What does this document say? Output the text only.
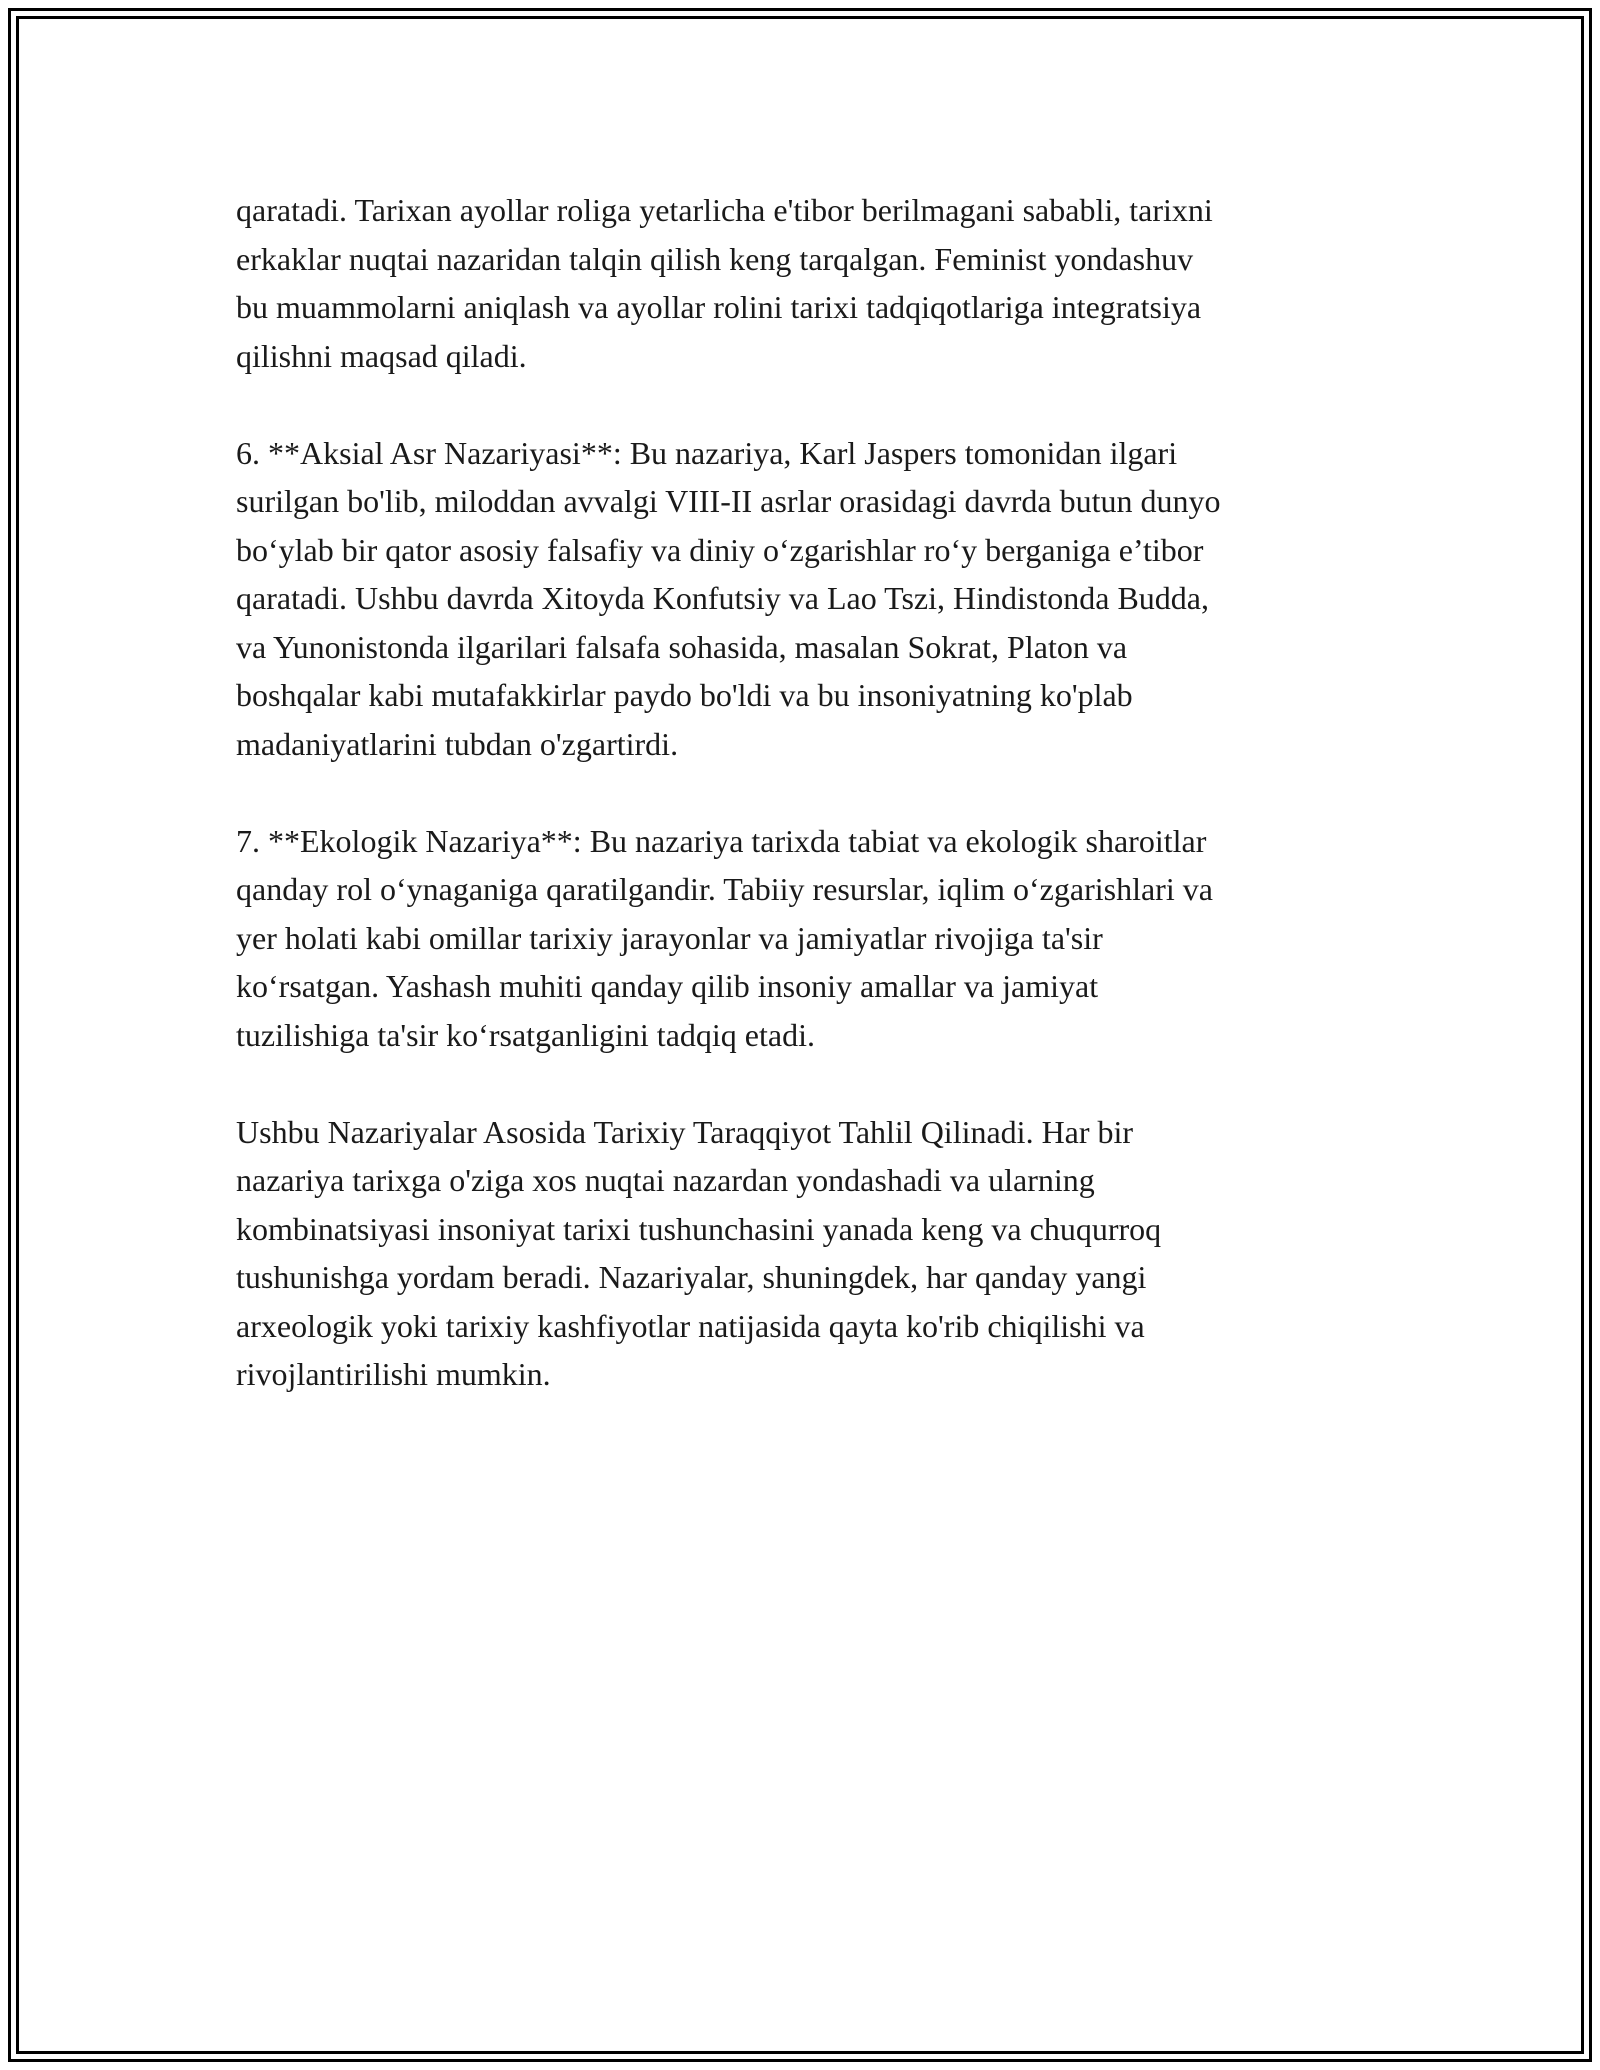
qaratadi. Tarixan ayollar roliga yetarlicha e'tibor berilmagani sababli, tarixni
erkaklar nuqtai nazaridan talqin qilish keng tarqalgan. Feminist yondashuv
bu muammolarni aniqlash va ayollar rolini tarixi tadqiqotlariga integratsiya
qilishni maqsad qiladi.

6. **Aksial Asr Nazariyasi**: Bu nazariya, Karl Jaspers tomonidan ilgari
surilgan bo'lib, miloddan avvalgi VIII-II asrlar orasidagi davrda butun dunyo
bo‘ylab bir qator asosiy falsafiy va diniy o‘zgarishlar ro‘y berganiga e’tibor
qaratadi. Ushbu davrda Xitoyda Konfutsiy va Lao Tszi, Hindistonda Budda,
va Yunonistonda ilgarilari falsafa sohasida, masalan Sokrat, Platon va
boshqalar kabi mutafakkirlar paydo bo'ldi va bu insoniyatning ko'plab
madaniyatlarini tubdan o'zgartirdi.

7. **Ekologik Nazariya**: Bu nazariya tarixda tabiat va ekologik sharoitlar
qanday rol o‘ynaganiga qaratilgandir. Tabiiy resurslar, iqlim o‘zgarishlari va
yer holati kabi omillar tarixiy jarayonlar va jamiyatlar rivojiga ta'sir
ko‘rsatgan. Yashash muhiti qanday qilib insoniy amallar va jamiyat
tuzilishiga ta'sir ko‘rsatganligini tadqiq etadi.

Ushbu Nazariyalar Asosida Tarixiy Taraqqiyot Tahlil Qilinadi. Har bir
nazariya tarixga o'ziga xos nuqtai nazardan yondashadi va ularning
kombinatsiyasi insoniyat tarixi tushunchasini yanada keng va chuqurroq
tushunishga yordam beradi. Nazariyalar, shuningdek, har qanday yangi
arxeologik yoki tarixiy kashfiyotlar natijasida qayta ko'rib chiqilishi va
rivojlantirilishi mumkin.
